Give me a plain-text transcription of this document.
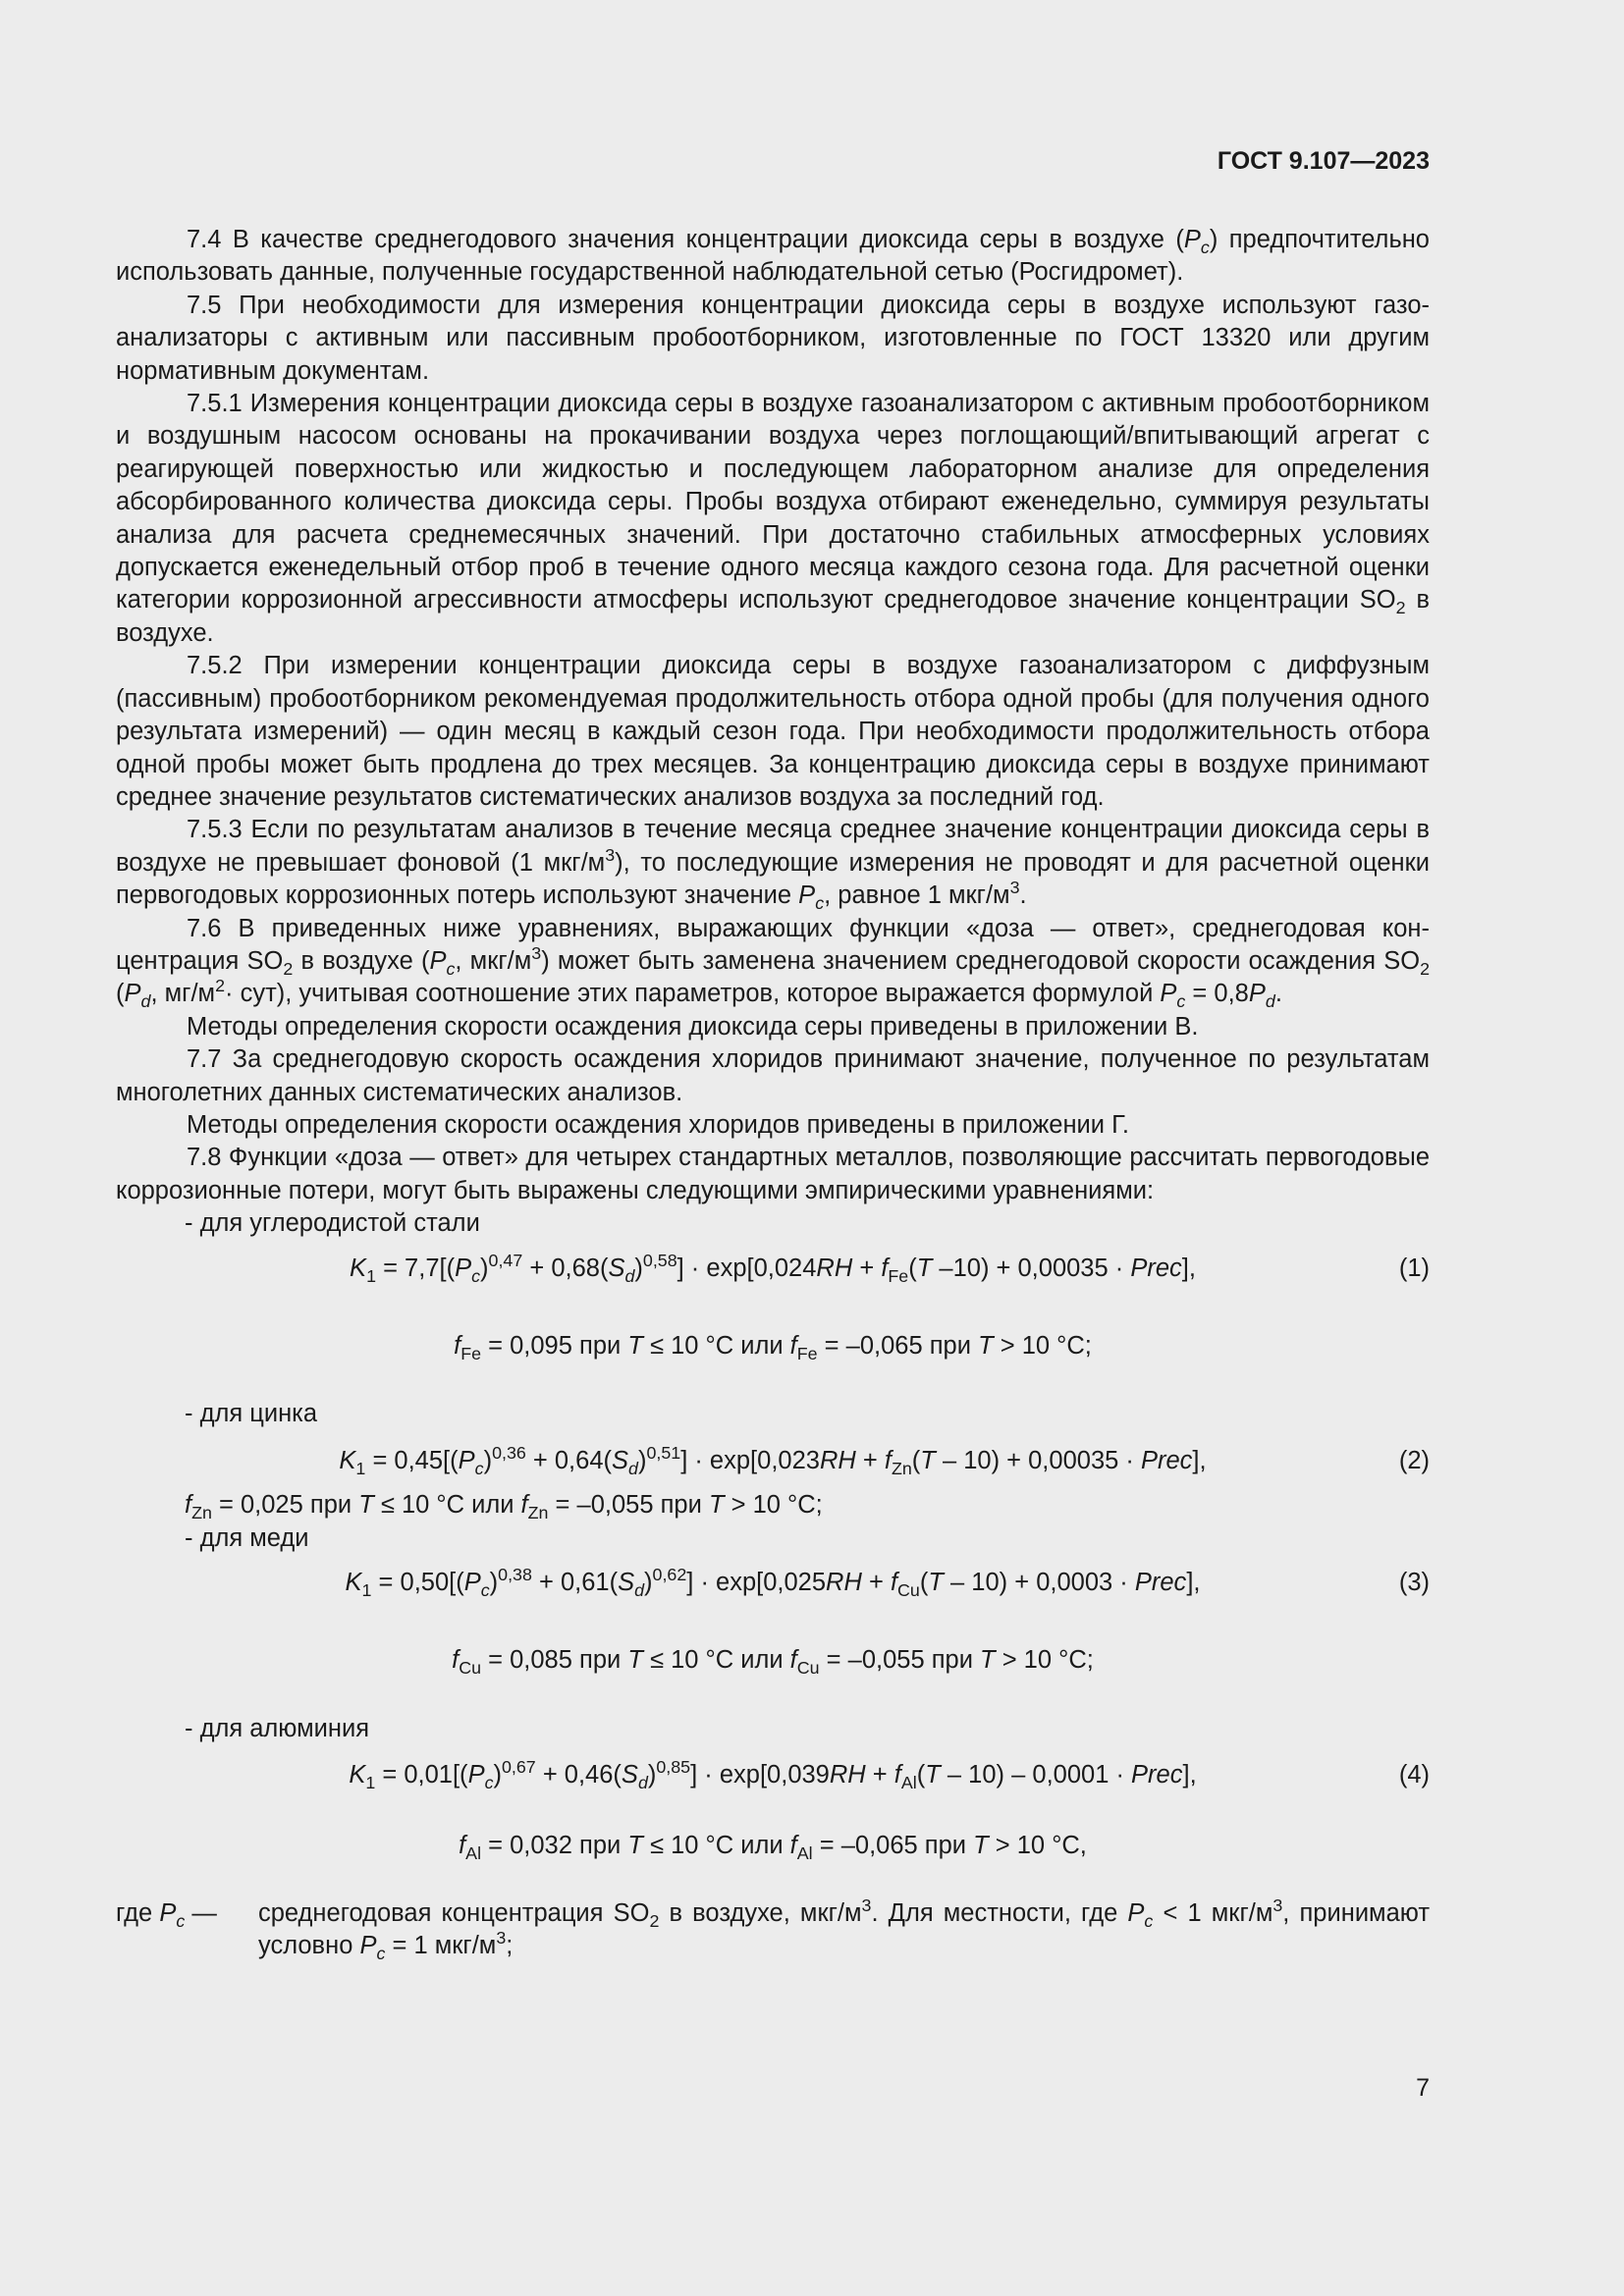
ГОСТ 9.107—2023

7.4 В качестве среднегодового значения концентрации диоксида серы в воздухе $(P_c)$ предпочтительно использовать данные, полученные государственной наблюдательной сетью (Росгидромет).

7.5 При необходимости для измерения концентрации диоксида серы в воздухе используют газоанализаторы с активным или пассивным пробоотборником, изготовленные по ГОСТ 13320 или другим нормативным документам.

7.5.1 Измерения концентрации диоксида серы в воздухе газоанализатором с активным пробоотборником и воздушным насосом основаны на прокачивании воздуха через поглощающий/впитывающий агрегат с реагирующей поверхностью или жидкостью и последующем лабораторном анализе для определения абсорбированного количества диоксида серы. Пробы воздуха отбирают еженедельно, суммируя результаты анализа для расчета среднемесячных значений. При достаточно стабильных атмосферных условиях допускается еженедельный отбор проб в течение одного месяца каждого сезона года. Для расчетной оценки категории коррозионной агрессивности атмосферы используют среднегодовое значение концентрации $SO_2$ в воздухе.

7.5.2 При измерении концентрации диоксида серы в воздухе газоанализатором с диффузным (пассивным) пробоотборником рекомендуемая продолжительность отбора одной пробы (для получения одного результата измерений) — один месяц в каждый сезон года. При необходимости продолжительность отбора одной пробы может быть продлена до трех месяцев. За концентрацию диоксида серы в воздухе принимают среднее значение результатов систематических анализов воздуха за последний год.

7.5.3 Если по результатам анализов в течение месяца среднее значение концентрации диоксида серы в воздухе не превышает фоновой (1 мкг/$м^3$), то последующие измерения не проводят и для расчетной оценки первогодовых коррозионных потерь используют значение $P_c$, равное 1 мкг/$м^3$.

7.6 В приведенных ниже уравнениях, выражающих функции «доза — ответ», среднегодовая концентрация $SO_2$ в воздухе ($P_c$, мкг/$м^3$) может быть заменена значением среднегодовой скорости осаждения $SO_2$ ($P_d$, $мг/м^2\cdot сут$), учитывая соотношение этих параметров, которое выражается формулой $P_c = 0,8P_d$.

Методы определения скорости осаждения диоксида серы приведены в приложении В.

7.7 За среднегодовую скорость осаждения хлоридов принимают значение, полученное по результатам многолетних данных систематических анализов.

Методы определения скорости осаждения хлоридов приведены в приложении Г.

7.8 Функции «доза — ответ» для четырех стандартных металлов, позволяющие рассчитать первогодовые коррозионные потери, могут быть выражены следующими эмпирическими уравнениями:

- для углеродистой стали

$K_1 = 7,7[(P_c)^{0,47} + 0,68(S_d)^{0,58}] \cdot \exp[0,024RH + f_{Fe}(T$ –10) + 0,00035 · Prec],	(1)

$f_{Fe} = 0,095$ при T ≤ 10 °C или $f_{Fe} = -0,065$ при T > 10 °C;

- для цинка

$K_1 = 0,45[(P_c)^{0,36} + 0,64(S_d)^{0,51}] \cdot \exp[0,023RH + f_{Zn}(T - 10) + 0,00035$ · Prec],	(2)

$f_{Zn} = 0,025$ при T ≤ 10 °C или $f_{Zn} = -0,055$ при T > 10 °C;

- для меди

$K_1 = 0,50[(P_c)^{0,38} + 0,61(S_d)^{0,62}] \cdot \exp[0,025RH + f_{Cu}(T - 10) + 0,0003$ · Prec],	(3)

$f_{Cu} = 0,085$ при T ≤ 10 °C или $f_{Cu} = -0,055$ при T > 10 °C;

- для алюминия

$K_1 = 0,01[(P_c)^{0,67} + 0,46(S_d)^{0,85}] \cdot \exp[0,039RH + f_{Al}(T - 10) - 0,0001$ · Prec],	(4)

$f_{Al} = 0,032$ при T ≤ 10 °C или $f_{Al} = -0,065$ при T > 10 °C,

где $P_c$ —	среднегодовая концентрация $SO_2$ в воздухе, мкг/$м^3$. Для местности, где $P_c < 1$ мкг/$м^3$, принимают условно $P_c = 1$ мкг/$м^3$;
7
